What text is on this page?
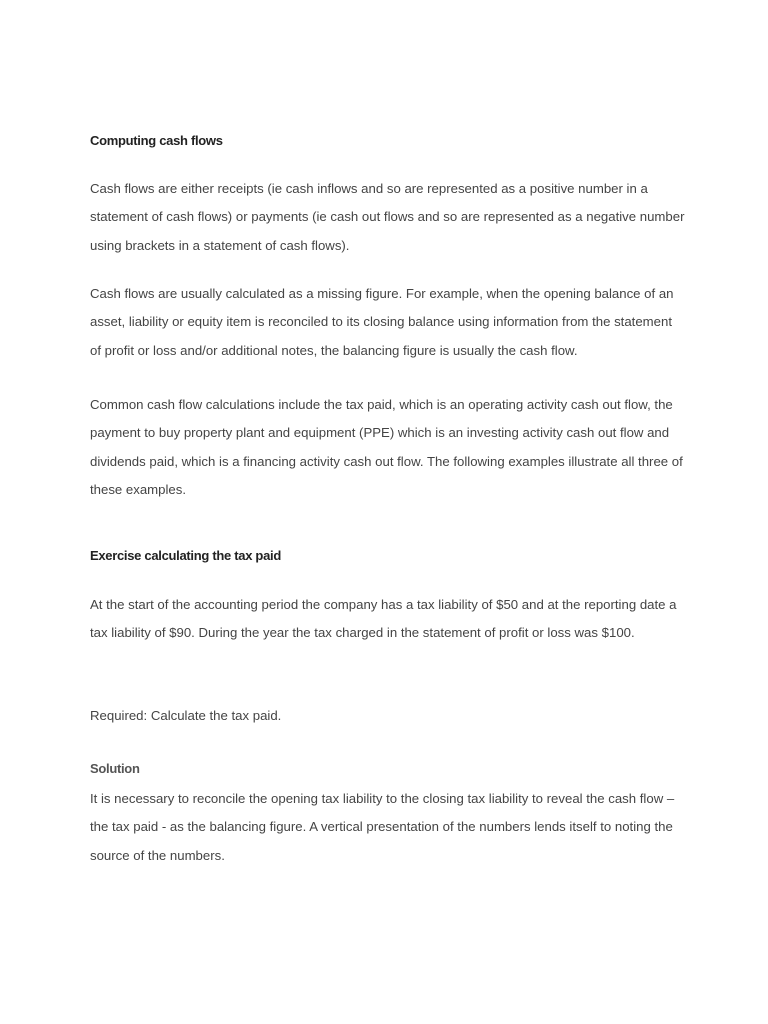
Computing cash flows

Cash flows are either receipts (ie cash inflows and so are represented as a positive number in a statement of cash flows) or payments (ie cash out flows and so are represented as a negative number using brackets in a statement of cash flows).

Cash flows are usually calculated as a missing figure. For example, when the opening balance of an asset, liability or equity item is reconciled to its closing balance using information from the statement of profit or loss and/or additional notes, the balancing figure is usually the cash flow.

Common cash flow calculations include the tax paid, which is an operating activity cash out flow, the payment to buy property plant and equipment (PPE) which is an investing activity cash out flow and dividends paid, which is a financing activity cash out flow. The following examples illustrate all three of these examples.

Exercise calculating the tax paid

At the start of the accounting period the company has a tax liability of $50 and at the reporting date a tax liability of $90. During the year the tax charged in the statement of profit or loss was $100.

Required: Calculate the tax paid.

Solution

It is necessary to reconcile the opening tax liability to the closing tax liability to reveal the cash flow – the tax paid - as the balancing figure. A vertical presentation of the numbers lends itself to noting the source of the numbers.
